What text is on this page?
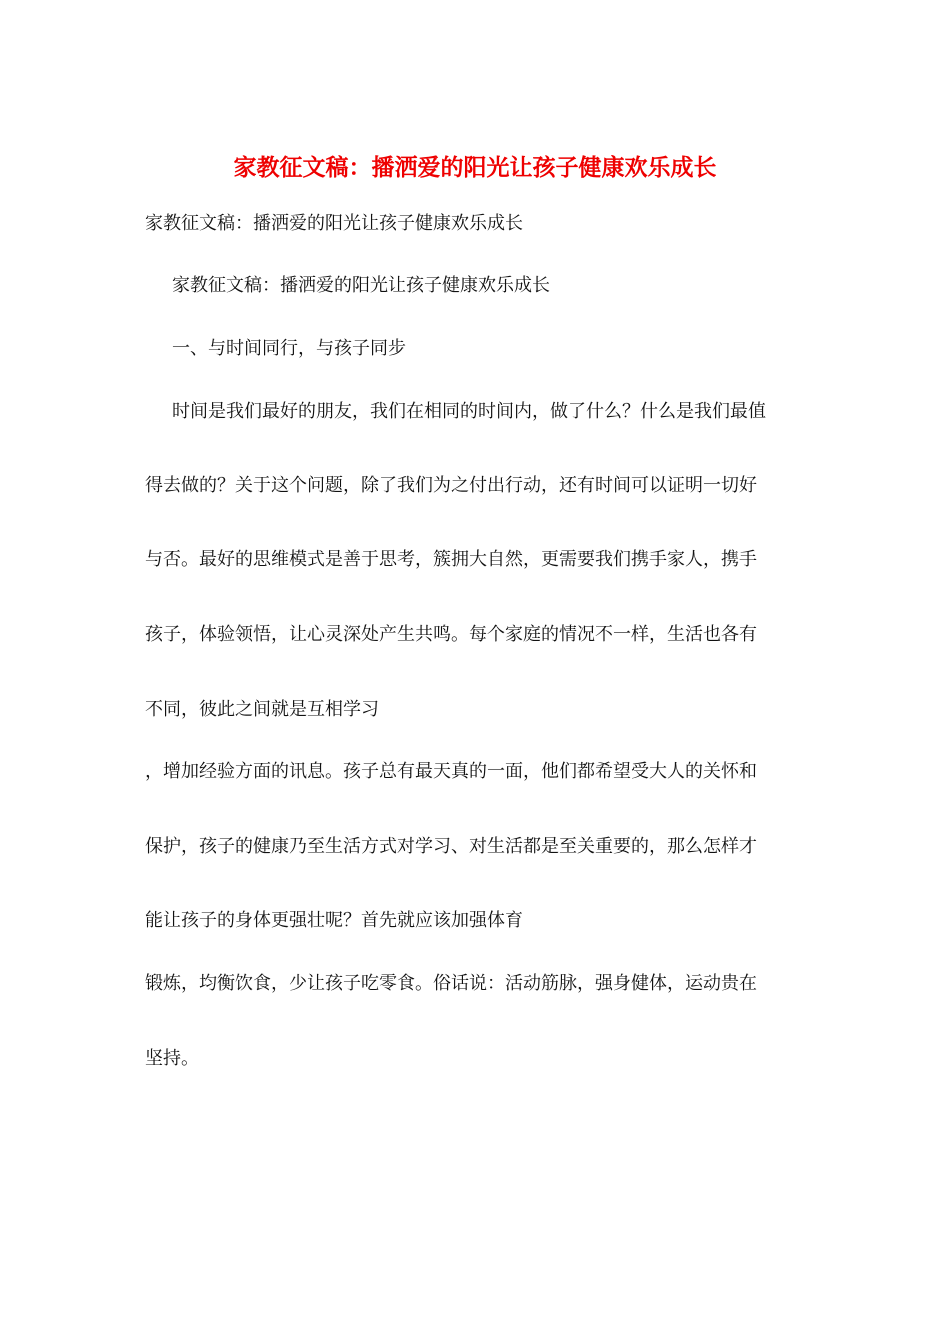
家教征文稿：播洒爱的阳光让孩子健康欢乐成长
家教征文稿：播洒爱的阳光让孩子健康欢乐成长
家教征文稿：播洒爱的阳光让孩子健康欢乐成长
一、与时间同行，与孩子同步
时间是我们最好的朋友，我们在相同的时间内，做了什么？什么是我们最值
得去做的？关于这个问题，除了我们为之付出行动，还有时间可以证明一切好
与否。最好的思维模式是善于思考，簇拥大自然，更需要我们携手家人，携手
孩子，体验领悟，让心灵深处产生共鸣。每个家庭的情况不一样，生活也各有
不同，彼此之间就是互相学习
，增加经验方面的讯息。孩子总有最天真的一面，他们都希望受大人的关怀和
保护，孩子的健康乃至生活方式对学习、对生活都是至关重要的，那么怎样才
能让孩子的身体更强壮呢？首先就应该加强体育
锻炼，均衡饮食，少让孩子吃零食。俗话说：活动筋脉，强身健体，运动贵在
坚持。
